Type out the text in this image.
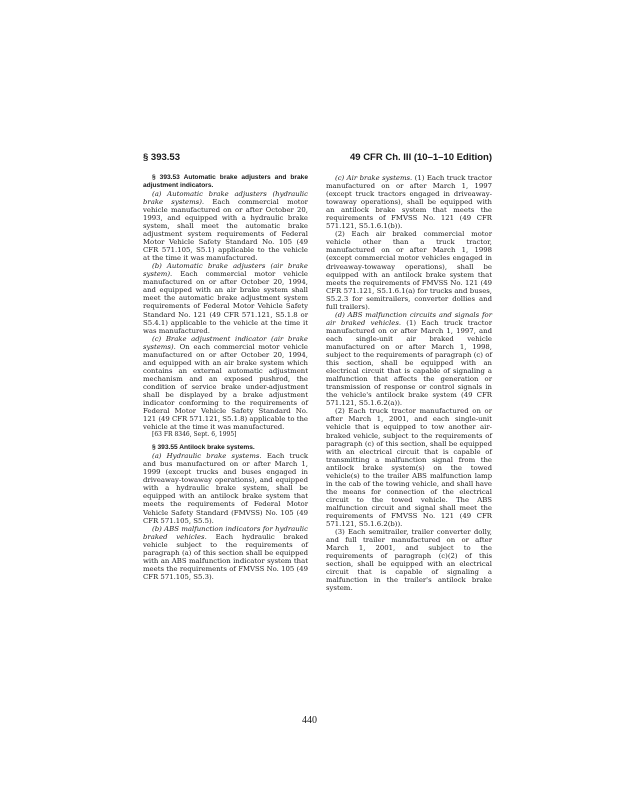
§ 393.53	49 CFR Ch. III (10–1–10 Edition)

§ 393.53 Automatic brake adjusters and brake adjustment indicators.

(a) Automatic brake adjusters (hydraulic brake systems). Each commercial motor vehicle manufactured on or after October 20, 1993, and equipped with a hydraulic brake system, shall meet the automatic brake adjustment system requirements of Federal Motor Vehicle Safety Standard No. 105 (49 CFR 571.105, S5.1) applicable to the vehicle at the time it was manufactured.

(b) Automatic brake adjusters (air brake system). Each commercial motor vehicle manufactured on or after October 20, 1994, and equipped with an air brake system shall meet the automatic brake adjustment system requirements of Federal Motor Vehicle Safety Standard No. 121 (49 CFR 571.121, S5.1.8 or S5.4.1) applicable to the vehicle at the time it was manufactured.

(c) Brake adjustment indicator (air brake systems). On each commercial motor vehicle manufactured on or after October 20, 1994, and equipped with an air brake system which contains an external automatic adjustment mechanism and an exposed pushrod, the condition of service brake under-adjustment shall be displayed by a brake adjustment indicator conforming to the requirements of Federal Motor Vehicle Safety Standard No. 121 (49 CFR 571.121, S5.1.8) applicable to the vehicle at the time it was manufactured.

[63 FR 8346, Sept. 6, 1995]

§ 393.55 Antilock brake systems.

(a) Hydraulic brake systems. Each truck and bus manufactured on or after March 1, 1999 (except trucks and buses engaged in driveaway-towaway operations), and equipped with a hydraulic brake system, shall be equipped with an antilock brake system that meets the requirements of Federal Motor Vehicle Safety Standard (FMVSS) No. 105 (49 CFR 571.105, S5.5).

(b) ABS malfunction indicators for hydraulic braked vehicles. Each hydraulic braked vehicle subject to the requirements of paragraph (a) of this section shall be equipped with an ABS malfunction indicator system that meets the requirements of FMVSS No. 105 (49 CFR 571.105, S5.3).

(c) Air brake systems. (1) Each truck tractor manufactured on or after March 1, 1997 (except truck tractors engaged in driveaway-towaway operations), shall be equipped with an antilock brake system that meets the requirements of FMVSS No. 121 (49 CFR 571.121, S5.1.6.1(b)).

(2) Each air braked commercial motor vehicle other than a truck tractor, manufactured on or after March 1, 1998 (except commercial motor vehicles engaged in driveaway-towaway operations), shall be equipped with an antilock brake system that meets the requirements of FMVSS No. 121 (49 CFR 571.121, S5.1.6.1(a) for trucks and buses, S5.2.3 for semitrailers, converter dollies and full trailers).

(d) ABS malfunction circuits and signals for air braked vehicles. (1) Each truck tractor manufactured on or after March 1, 1997, and each single-unit air braked vehicle manufactured on or after March 1, 1998, subject to the requirements of paragraph (c) of this section, shall be equipped with an electrical circuit that is capable of signaling a malfunction that affects the generation or transmission of response or control signals in the vehicle's antilock brake system (49 CFR 571.121, S5.1.6.2(a)).

(2) Each truck tractor manufactured on or after March 1, 2001, and each single-unit vehicle that is equipped to tow another air-braked vehicle, subject to the requirements of paragraph (c) of this section, shall be equipped with an electrical circuit that is capable of transmitting a malfunction signal from the antilock brake system(s) on the towed vehicle(s) to the trailer ABS malfunction lamp in the cab of the towing vehicle, and shall have the means for connection of the electrical circuit to the towed vehicle. The ABS malfunction circuit and signal shall meet the requirements of FMVSS No. 121 (49 CFR 571.121, S5.1.6.2(b)).

(3) Each semitrailer, trailer converter dolly, and full trailer manufactured on or after March 1, 2001, and subject to the requirements of paragraph (c)(2) of this section, shall be equipped with an electrical circuit that is capable of signaling a malfunction in the trailer's antilock brake system.

440
